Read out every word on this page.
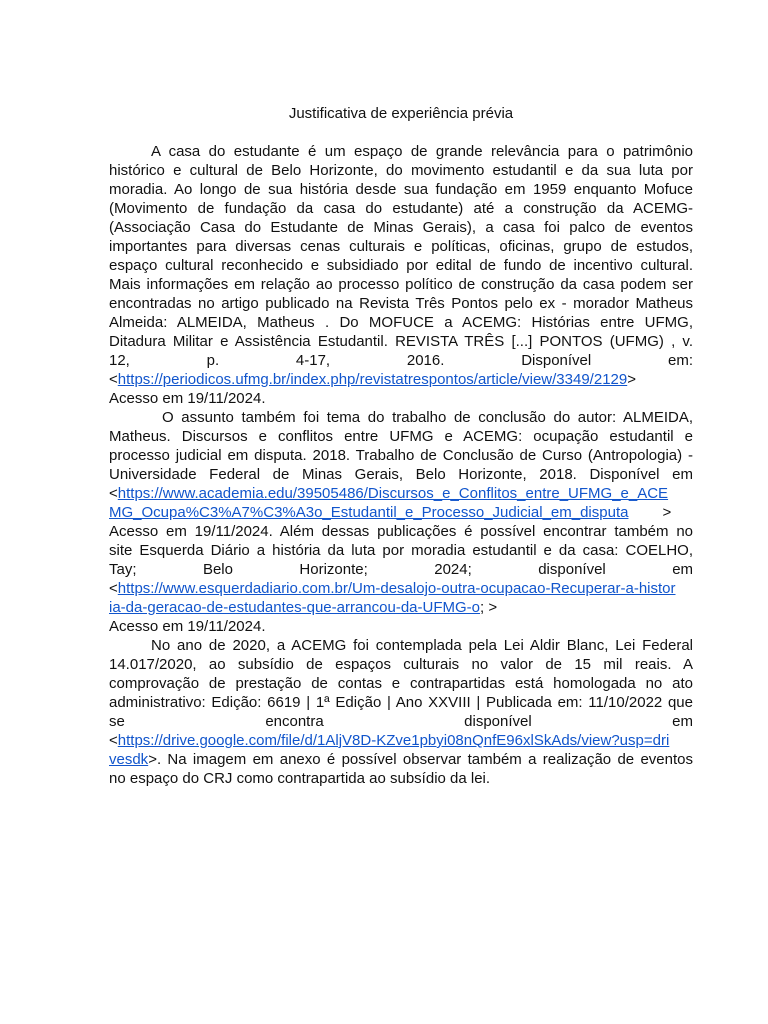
Justificativa de experiência prévia
A casa do estudante é um espaço de grande relevância para o patrimônio
histórico e cultural de Belo Horizonte, do movimento estudantil e da sua luta por
moradia. Ao longo de sua história desde sua fundação em 1959 enquanto Mofuce
(Movimento de fundação da casa do estudante) até a construção da ACEMG-
(Associação Casa do Estudante de Minas Gerais), a casa foi palco de eventos
importantes para diversas cenas culturais e políticas, oficinas, grupo de estudos,
espaço cultural reconhecido e subsidiado por edital de fundo de incentivo cultural.
Mais informações em relação ao processo político de construção da casa podem ser
encontradas no artigo publicado na Revista Três Pontos pelo ex - morador Matheus
Almeida: ALMEIDA, Matheus . Do MOFUCE a ACEMG: Histórias entre UFMG,
Ditadura Militar e Assistência Estudantil. REVISTA TRÊS [...] PONTOS (UFMG) , v.
12,	p.	4-17,	2016.	Disponível	em:
<https://periodicos.ufmg.br/index.php/revistatrespontos/article/view/3349/2129>
Acesso em 19/11/2024.
O assunto também foi tema do trabalho de conclusão do autor: ALMEIDA,
Matheus. Discursos e conflitos entre UFMG e ACEMG: ocupação estudantil e
processo judicial em disputa. 2018. Trabalho de Conclusão de Curso (Antropologia) -
Universidade Federal de Minas Gerais, Belo Horizonte, 2018. Disponível em
<https://www.academia.edu/39505486/Discursos_e_Conflitos_entre_UFMG_e_ACE
MG_Ocupa%C3%A7%C3%A3o_Estudantil_e_Processo_Judicial_em_disputa >
Acesso em 19/11/2024. Além dessas publicações é possível encontrar também no
site Esquerda Diário a história da luta por moradia estudantil e da casa: COELHO,
Tay;	Belo	Horizonte;	2024;	disponível	em
<https://www.esquerdadiario.com.br/Um-desalojo-outra-ocupacao-Recuperar-a-histor
ia-da-geracao-de-estudantes-que-arrancou-da-UFMG-o; >
Acesso em 19/11/2024.
No ano de 2020, a ACEMG foi contemplada pela Lei Aldir Blanc, Lei Federal
14.017/2020, ao subsídio de espaços culturais no valor de 15 mil reais. A
comprovação de prestação de contas e contrapartidas está homologada no ato
administrativo: Edição: 6619 | 1ª Edição | Ano XXVIII | Publicada em: 11/10/2022 que
se	encontra	disponível	em
<https://drive.google.com/file/d/1AljV8D-KZve1pbyi08nQnfE96xlSkAds/view?usp=dri
vesdk>. Na imagem em anexo é possível observar também a realização de eventos
no espaço do CRJ como contrapartida ao subsídio da lei.
